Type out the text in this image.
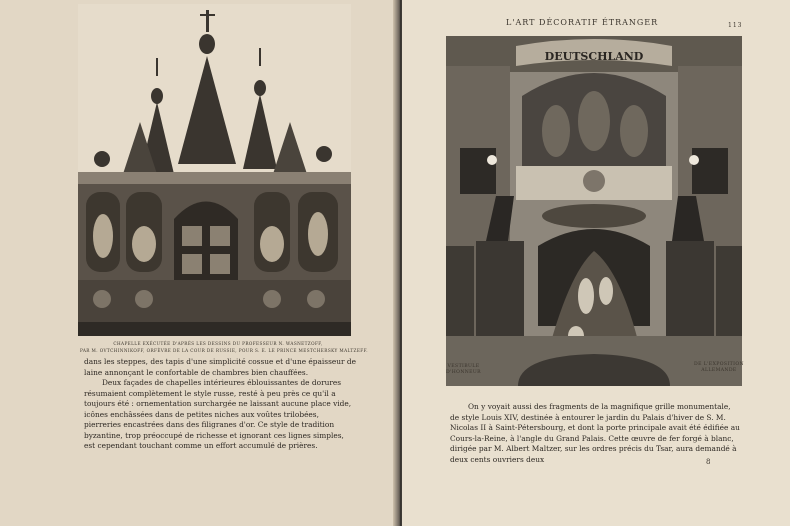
CHAPELLE EXÉCUTÉE D'APRÈS LES DESSINS DU PROFESSEUR N. WASNETZOFF,
PAR M. OVTCHINNIKOFF, ORFÈVRE DE LA COUR DE RUSSIE, POUR S. E. LE PRINCE MESTCHERSKY MALTZEFF.

dans les steppes, des tapis d'une simplicité cossue et d'une épaisseur de laine annonçant le confortable de chambres bien chauffées.

Deux façades de chapelles intérieures éblouissantes de dorures résumaient complètement le style russe, resté à peu près ce qu'il a toujours été : ornementation surchargée ne laissant aucune place vide, icônes enchâssées dans de petites niches aux voûtes trilobées, pierreries encastrées dans des filigranes d'or. Ce style de tradition byzantine, trop préoccupé de richesse et ignorant ces lignes simples, est cependant touchant comme un effort accumulé de prières.

L'ART DÉCORATIF ÉTRANGER	113
DEUTSCHLAND
VESTIBULE
D'HONNEUR
DE L'EXPOSITION
ALLEMANDE

On y voyait aussi des fragments de la magnifique grille monumentale, de style Louis XIV, destinée à entourer le jardin du Palais d'hiver de S. M. Nicolas II à Saint-Pétersbourg, et dont la porte principale avait été édifiée au Cours-la-Reine, à l'angle du Grand Palais. Cette œuvre de fer forgé à blanc, dirigée par M. Albert Maltzer, sur les ordres précis du Tsar, aura demandé à deux cents ouvriers deux	8
